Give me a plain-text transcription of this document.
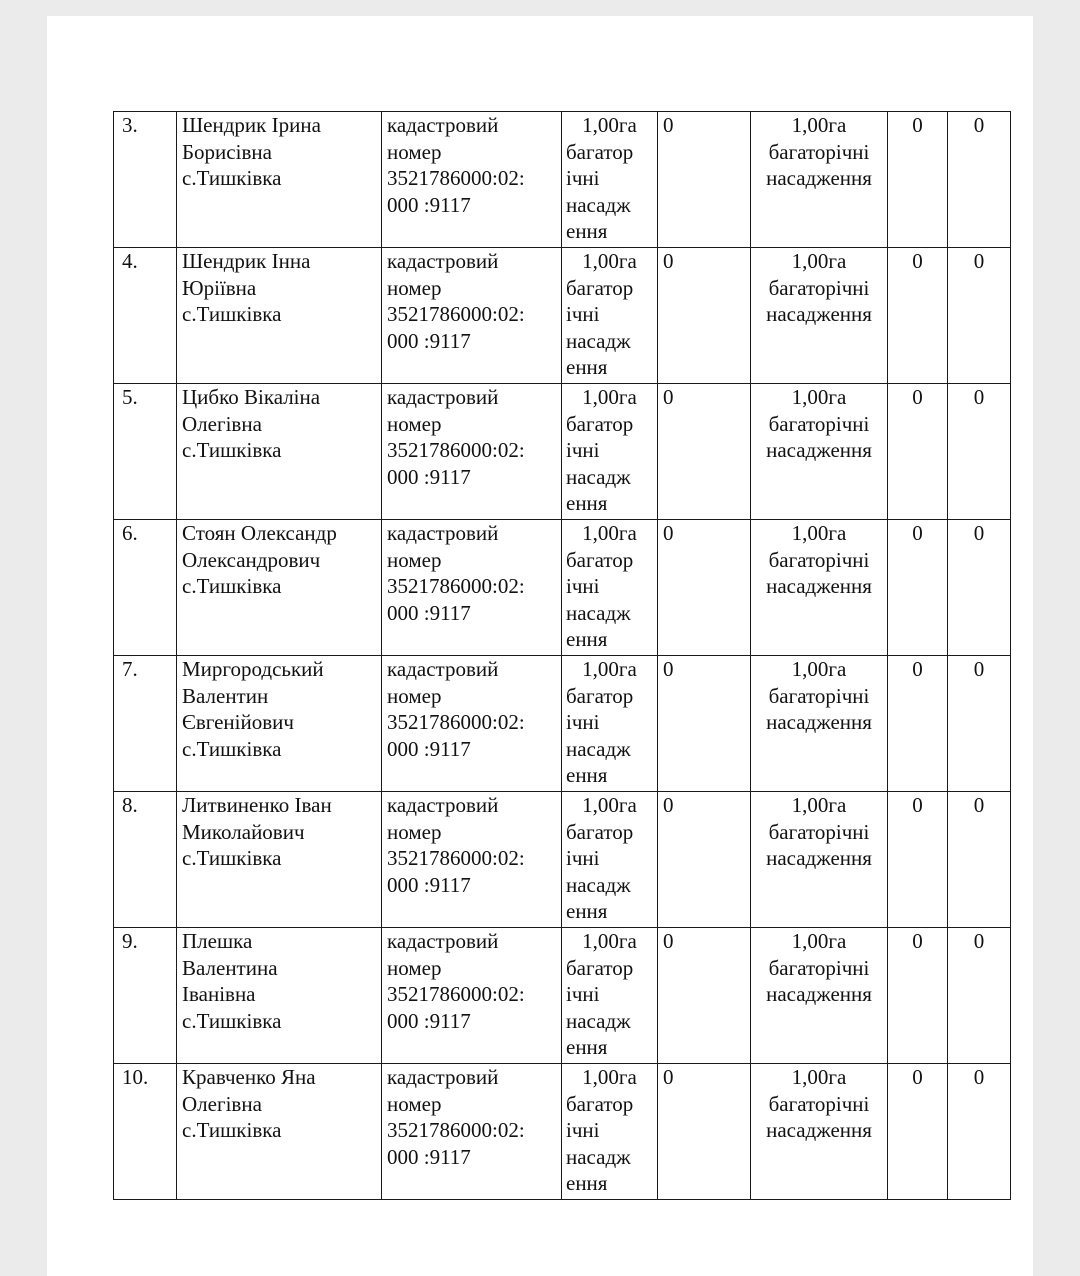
3.	Шендрик Ірина
Борисівна
с.Тишківка	кадастровий
номер
3521786000:02:
000 :9117	1,00га
багатор
ічні
насадж
ення	0	1,00га
багаторічні
насадження	0	0
4.	Шендрик Інна
Юріївна
с.Тишківка	кадастровий
номер
3521786000:02:
000 :9117	1,00га
багатор
ічні
насадж
ення	0	1,00га
багаторічні
насадження	0	0
5.	Цибко Вікаліна
Олегівна
с.Тишківка	кадастровий
номер
3521786000:02:
000 :9117	1,00га
багатор
ічні
насадж
ення	0	1,00га
багаторічні
насадження	0	0
6.	Стоян Олександр
Олександрович
с.Тишківка	кадастровий
номер
3521786000:02:
000 :9117	1,00га
багатор
ічні
насадж
ення	0	1,00га
багаторічні
насадження	0	0
7.	Миргородський
Валентин
Євгенійович
с.Тишківка	кадастровий
номер
3521786000:02:
000 :9117	1,00га
багатор
ічні
насадж
ення	0	1,00га
багаторічні
насадження	0	0
8.	Литвиненко Іван
Миколайович
с.Тишківка	кадастровий
номер
3521786000:02:
000 :9117	1,00га
багатор
ічні
насадж
ення	0	1,00га
багаторічні
насадження	0	0
9.	Плешка
Валентина
Іванівна
с.Тишківка	кадастровий
номер
3521786000:02:
000 :9117	1,00га
багатор
ічні
насадж
ення	0	1,00га
багаторічні
насадження	0	0
10.	Кравченко Яна
Олегівна
с.Тишківка	кадастровий
номер
3521786000:02:
000 :9117	1,00га
багатор
ічні
насадж
ення	0	1,00га
багаторічні
насадження	0	0
